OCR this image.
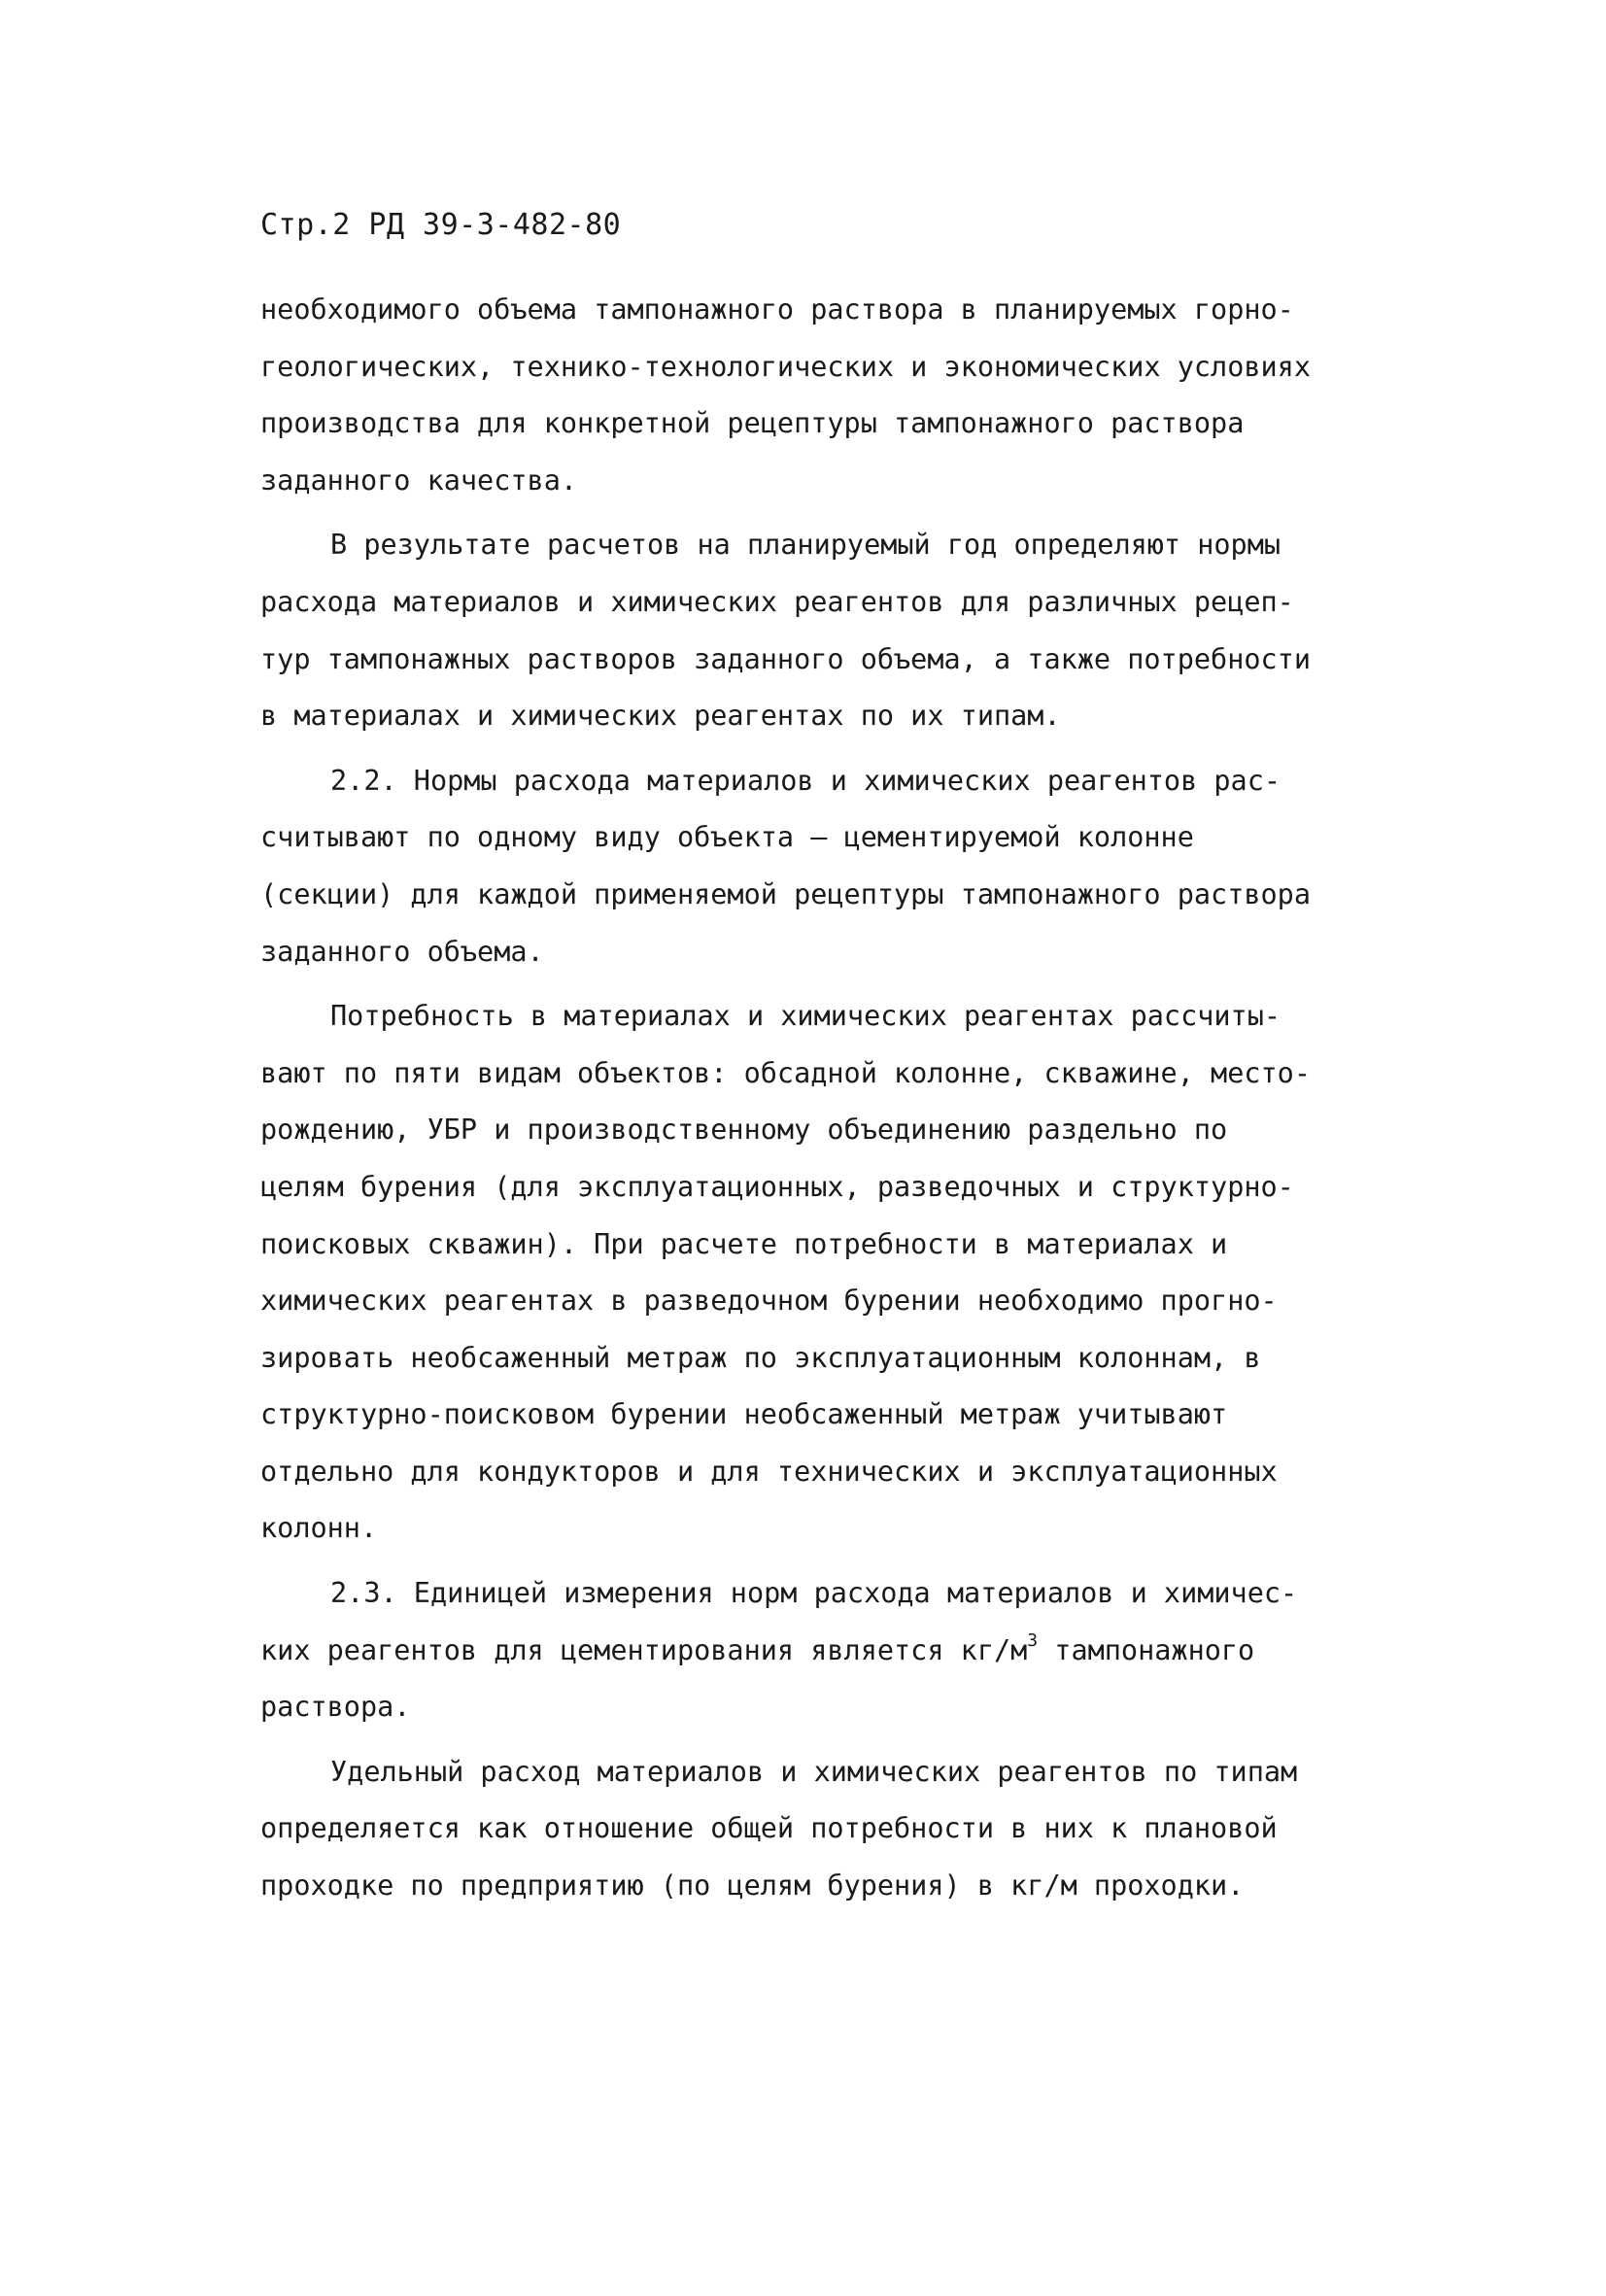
Стр.2 РД 39-3-482-80
необходимого объема тампонажного раствора в планируемых горно-
геологических, технико-технологических и экономических условиях
производства для конкретной рецептуры тампонажного раствора
заданного качества.
В результате расчетов на планируемый год определяют нормы
расхода материалов и химических реагентов для различных рецеп-
тур тампонажных растворов заданного объема, а также потребности
в материалах и химических реагентах по их типам.
2.2. Нормы расхода материалов и химических реагентов рас-
считывают по одному виду объекта – цементируемой колонне
(секции) для каждой применяемой рецептуры тампонажного раствора
заданного объема.
Потребность в материалах и химических реагентах рассчиты-
вают по пяти видам объектов: обсадной колонне, скважине, место-
рождению, УБР и производственному объединению раздельно по
целям бурения (для эксплуатационных, разведочных и структурно-
поисковых скважин). При расчете потребности в материалах и
химических реагентах в разведочном бурении необходимо прогно-
зировать необсаженный метраж по эксплуатационным колоннам, в
структурно-поисковом бурении необсаженный метраж учитывают
отдельно для кондукторов и для технических и эксплуатационных
колонн.
2.3. Единицей измерения норм расхода материалов и химичес-
ких реагентов для цементирования является $кг/м^3$ тампонажного
раствора.
Удельный расход материалов и химических реагентов по типам
определяется как отношение общей потребности в них к плановой
проходке по предприятию (по целям бурения) в кг/м проходки.
